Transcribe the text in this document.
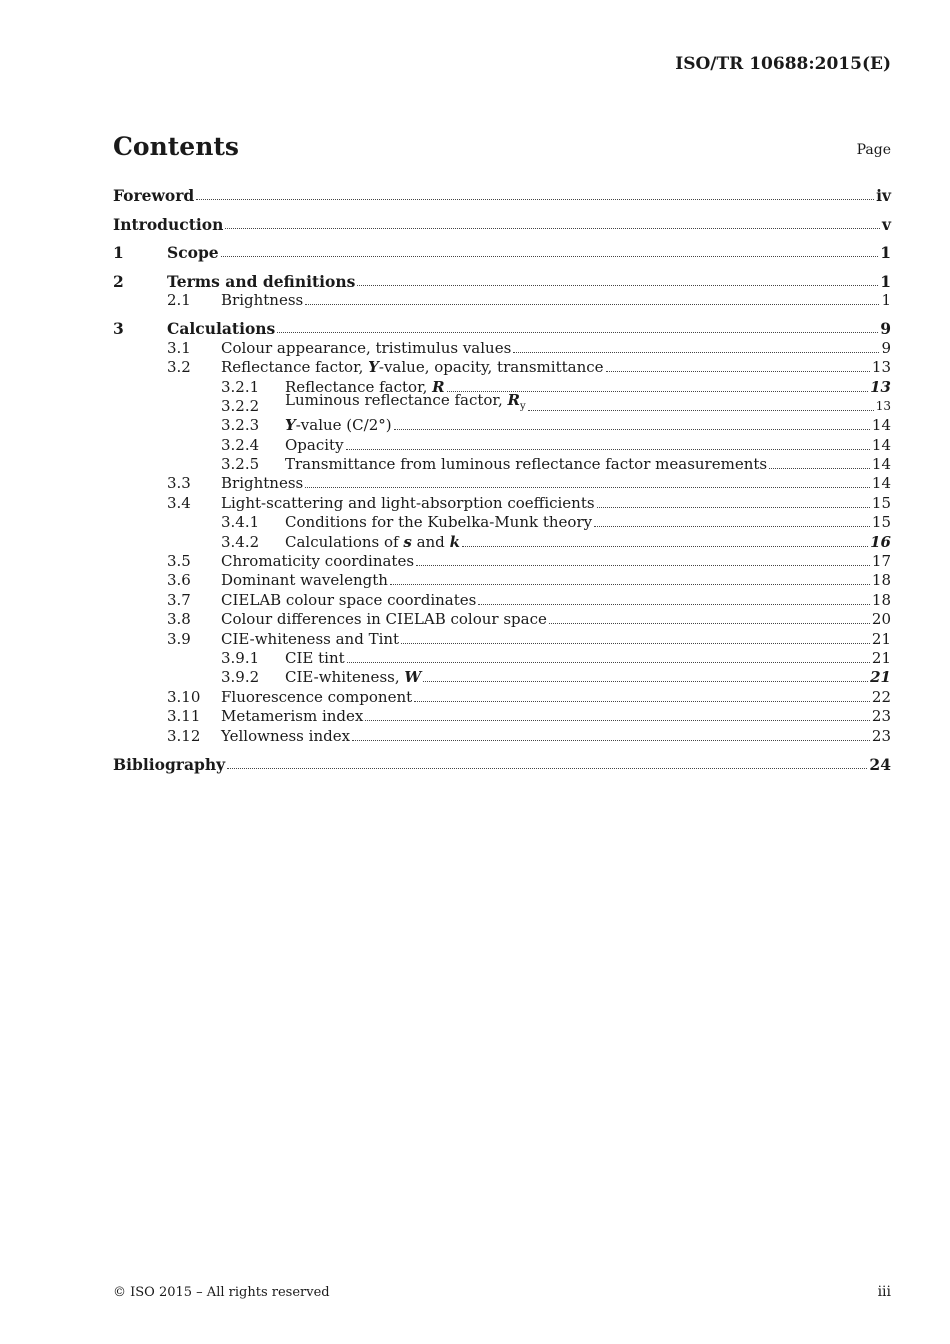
ISO/TR 10688:2015(E)
Contents	Page
Foreword	iv
Introduction	v
1	Scope	1
2	Terms and definitions	1
2.1	Brightness	1
3	Calculations	9
3.1	Colour appearance, tristimulus values	9
3.2	Reflectance factor, Y-value, opacity, transmittance	13
3.2.1	Reflectance factor, R	13
3.2.2	Luminous reflectance factor, $R_y$	13
3.2.3	Y-value (C/2°)	14
3.2.4	Opacity	14
3.2.5	Transmittance from luminous reflectance factor measurements	14
3.3	Brightness	14
3.4	Light-scattering and light-absorption coefficients	15
3.4.1	Conditions for the Kubelka-Munk theory	15
3.4.2	Calculations of s and k	16
3.5	Chromaticity coordinates	17
3.6	Dominant wavelength	18
3.7	CIELAB colour space coordinates	18
3.8	Colour differences in CIELAB colour space	20
3.9	CIE-whiteness and Tint	21
3.9.1	CIE tint	21
3.9.2	CIE-whiteness, W	21
3.10	Fluorescence component	22
3.11	Metamerism index	23
3.12	Yellowness index	23
Bibliography	24
© ISO 2015 – All rights reserved	iii
